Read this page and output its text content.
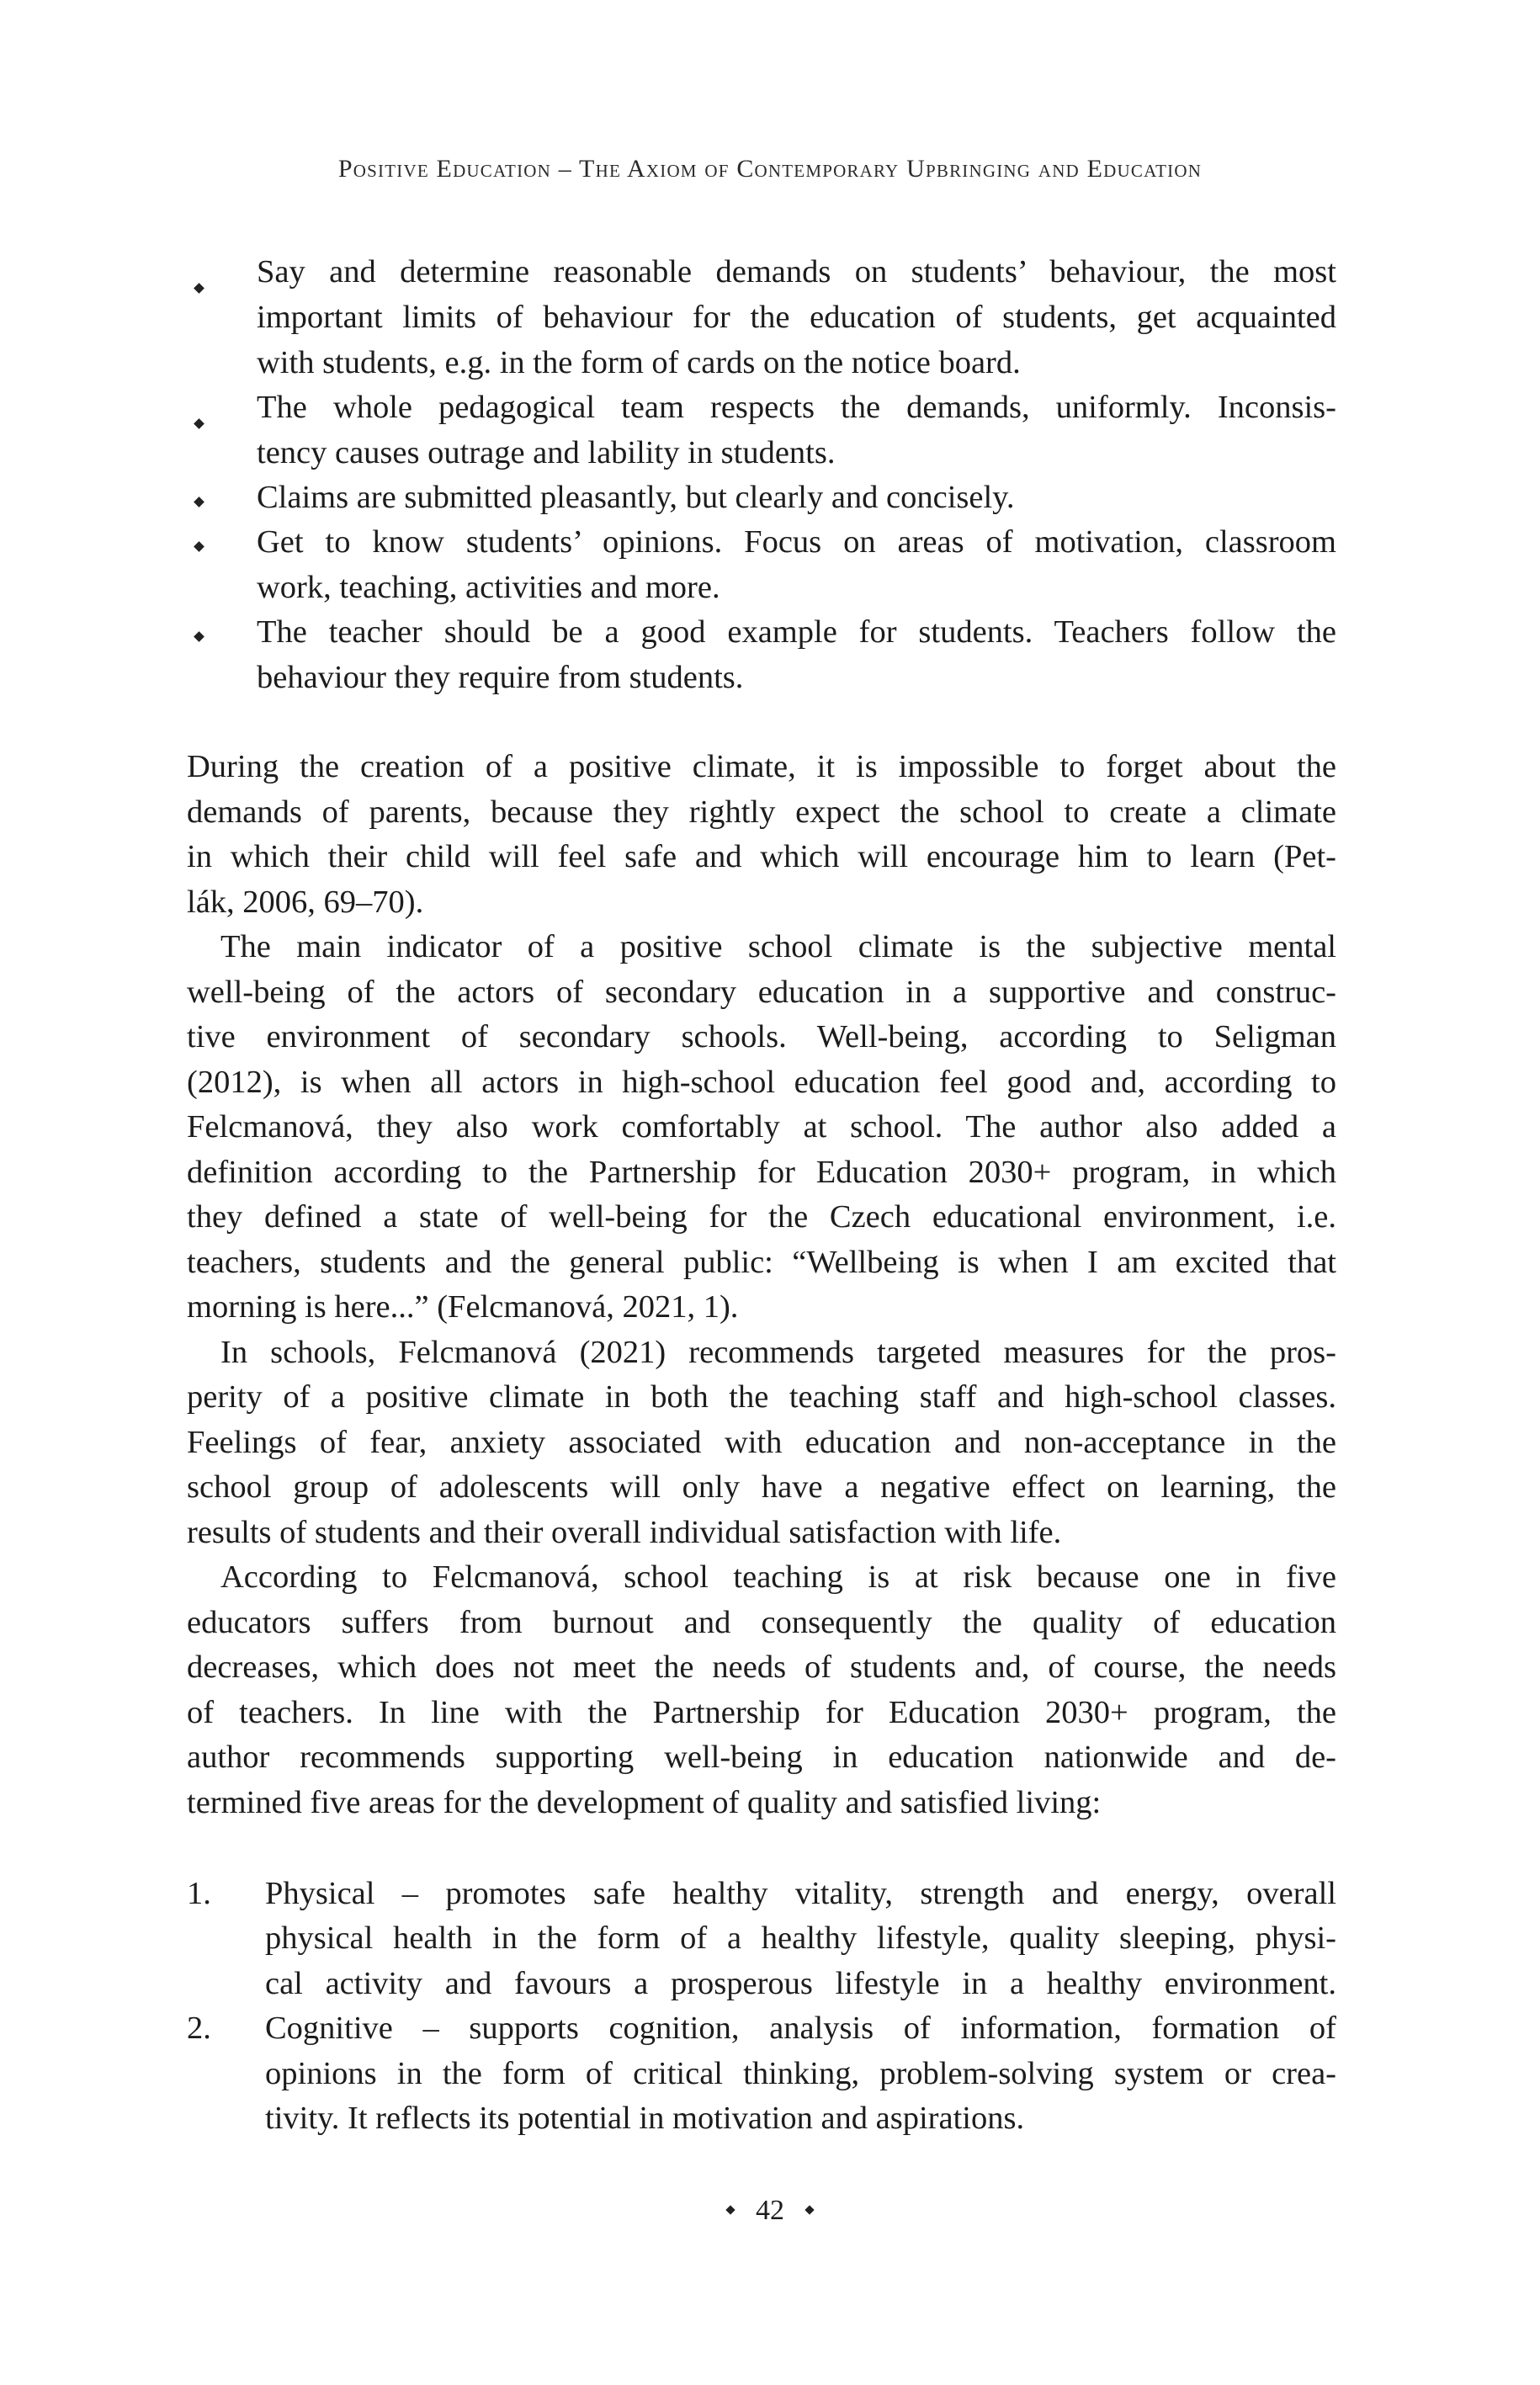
Positive Education – The Axiom of Contemporary Upbringing and Education
Say and determine reasonable demands on students’ behaviour, the most
important limits of behaviour for the education of students, get acquainted
with students, e.g. in the form of cards on the notice board.
The whole pedagogical team respects the demands, uniformly. Inconsis-
tency causes outrage and lability in students.
Claims are submitted pleasantly, but clearly and concisely.
Get to know students’ opinions. Focus on areas of motivation, classroom
work, teaching, activities and more.
The teacher should be a good example for students. Teachers follow the
behaviour they require from students.
During the creation of a positive climate, it is impossible to forget about the
demands of parents, because they rightly expect the school to create a climate
in which their child will feel safe and which will encourage him to learn (Pet-
lák, 2006, 69–70).
The main indicator of a positive school climate is the subjective mental
well-being of the actors of secondary education in a supportive and construc-
tive environment of secondary schools. Well-being, according to Seligman
(2012), is when all actors in high-school education feel good and, according to
Felcmanová, they also work comfortably at school. The author also added a
definition according to the Partnership for Education 2030+ program, in which
they defined a state of well-being for the Czech educational environment, i.e.
teachers, students and the general public: “Wellbeing is when I am excited that
morning is here...” (Felcmanová, 2021, 1).
In schools, Felcmanová (2021) recommends targeted measures for the pros-
perity of a positive climate in both the teaching staff and high-school classes.
Feelings of fear, anxiety associated with education and non-acceptance in the
school group of adolescents will only have a negative effect on learning, the
results of students and their overall individual satisfaction with life.
According to Felcmanová, school teaching is at risk because one in five
educators suffers from burnout and consequently the quality of education
decreases, which does not meet the needs of students and, of course, the needs
of teachers. In line with the Partnership for Education 2030+ program, the
author recommends supporting well-being in education nationwide and de-
termined five areas for the development of quality and satisfied living:
1. Physical – promotes safe healthy vitality, strength and energy, overall
physical health in the form of a healthy lifestyle, quality sleeping, physi-
cal activity and favours a prosperous lifestyle in a healthy environment.
2. Cognitive – supports cognition, analysis of information, formation of
opinions in the form of critical thinking, problem-solving system or crea-
tivity. It reflects its potential in motivation and aspirations.
42
